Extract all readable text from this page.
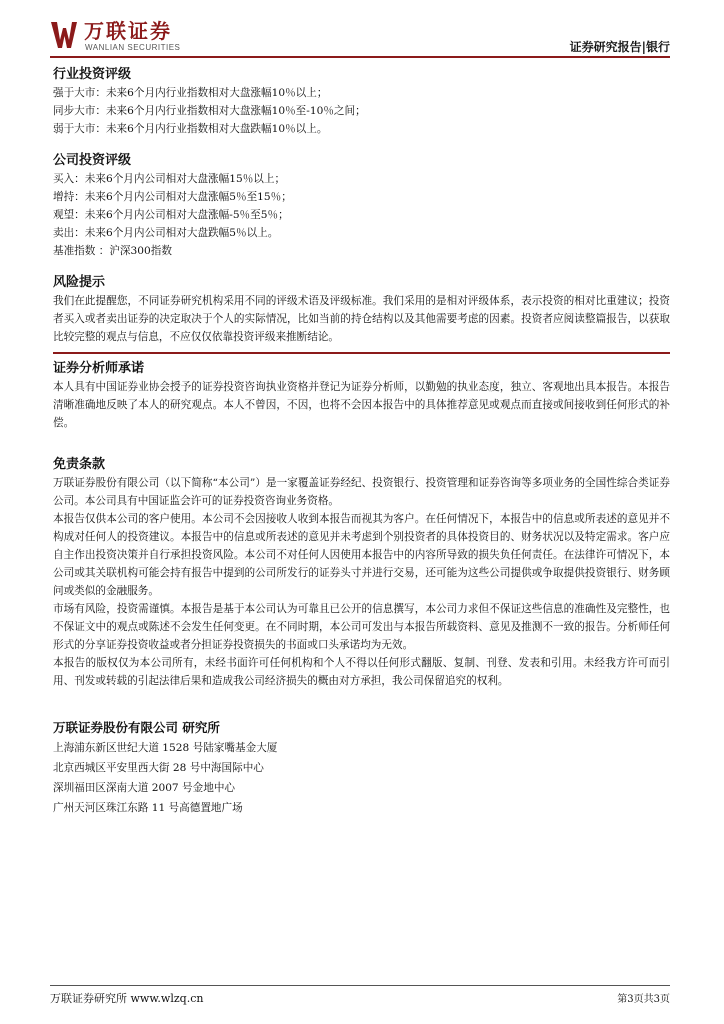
万联证券
WANLIAN SECURITIES	证券研究报告|银行
行业投资评级

强于大市：未来6个月内行业指数相对大盘涨幅10％以上；

同步大市：未来6个月内行业指数相对大盘涨幅10％至-10％之间；

弱于大市：未来6个月内行业指数相对大盘跌幅10％以上。

公司投资评级

买入：未来6个月内公司相对大盘涨幅15％以上；

增持：未来6个月内公司相对大盘涨幅5％至15％；

观望：未来6个月内公司相对大盘涨幅-5％至5％；

卖出：未来6个月内公司相对大盘跌幅5％以上。

基准指数 ：沪深300指数

风险提示

我们在此提醒您，不同证券研究机构采用不同的评级术语及评级标准。我们采用的是相对评级体系，表示投资的相对比重建议；投资者买入或者卖出证券的决定取决于个人的实际情况，比如当前的持仓结构以及其他需要考虑的因素。投资者应阅读整篇报告，以获取比较完整的观点与信息，不应仅仅依靠投资评级来推断结论。

证券分析师承诺

本人具有中国证券业协会授予的证券投资咨询执业资格并登记为证券分析师，以勤勉的执业态度，独立、客观地出具本报告。本报告清晰准确地反映了本人的研究观点。本人不曾因，不因，也将不会因本报告中的具体推荐意见或观点而直接或间接收到任何形式的补偿。

免责条款

万联证券股份有限公司（以下简称“本公司”）是一家覆盖证券经纪、投资银行、投资管理和证券咨询等多项业务的全国性综合类证券公司。本公司具有中国证监会许可的证券投资咨询业务资格。

本报告仅供本公司的客户使用。本公司不会因接收人收到本报告而视其为客户。在任何情况下，本报告中的信息或所表述的意见并不构成对任何人的投资建议。本报告中的信息或所表述的意见并未考虑到个别投资者的具体投资目的、财务状况以及特定需求。客户应自主作出投资决策并自行承担投资风险。本公司不对任何人因使用本报告中的内容所导致的损失负任何责任。在法律许可情况下，本公司或其关联机构可能会持有报告中提到的公司所发行的证券头寸并进行交易，还可能为这些公司提供或争取提供投资银行、财务顾问或类似的金融服务。

市场有风险，投资需谨慎。本报告是基于本公司认为可靠且已公开的信息撰写，本公司力求但不保证这些信息的准确性及完整性，也不保证文中的观点或陈述不会发生任何变更。在不同时期，本公司可发出与本报告所载资料、意见及推测不一致的报告。分析师任何形式的分享证券投资收益或者分担证券投资损失的书面或口头承诺均为无效。

本报告的版权仅为本公司所有，未经书面许可任何机构和个人不得以任何形式翻版、复制、刊登、发表和引用。未经我方许可而引用、刊发或转载的引起法律后果和造成我公司经济损失的概由对方承担，我公司保留追究的权利。

万联证券股份有限公司 研究所

上海浦东新区世纪大道 1528 号陆家嘴基金大厦

北京西城区平安里西大街 28 号中海国际中心

深圳福田区深南大道 2007 号金地中心

广州天河区珠江东路 11 号高德置地广场

万联证券研究所 www.wlzq.cn	第3页共3页
